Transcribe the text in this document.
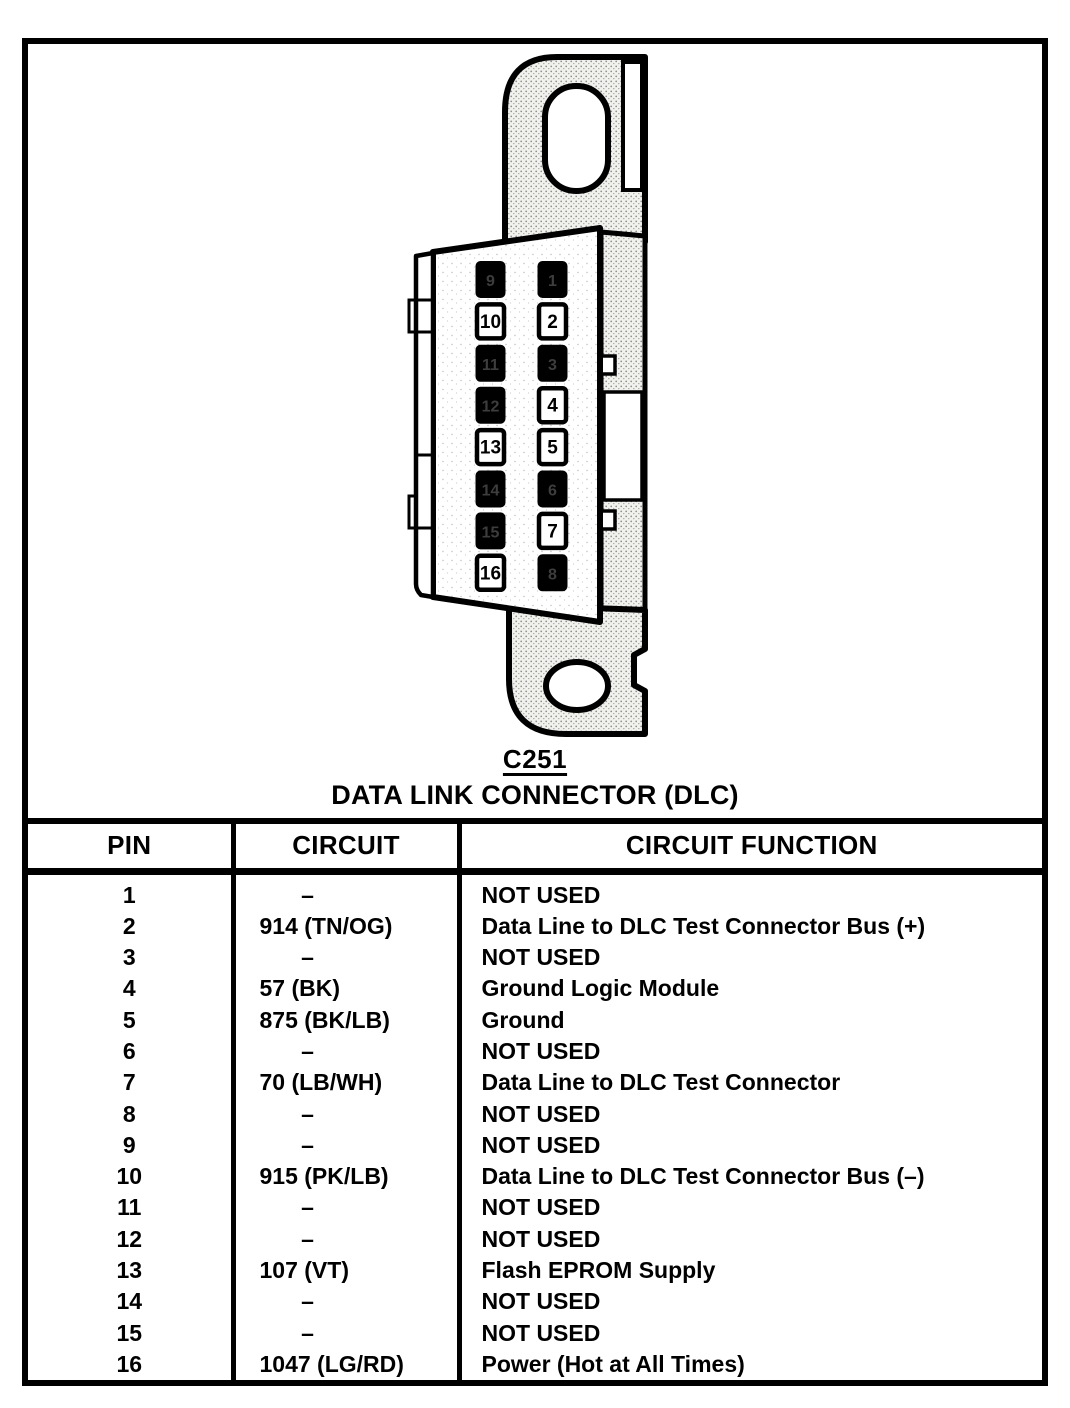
9
10
11
12
13
14
15
16
1
2
3
4
5
6
7
8
C251
DATA LINK CONNECTOR (DLC)
PIN	CIRCUIT	CIRCUIT FUNCTION
1	–	NOT USED
2	914 (TN/OG)	Data Line to DLC Test Connector Bus (+)
3	–	NOT USED
4	57 (BK)	Ground Logic Module
5	875 (BK/LB)	Ground
6	–	NOT USED
7	70 (LB/WH)	Data Line to DLC Test Connector
8	–	NOT USED
9	–	NOT USED
10	915 (PK/LB)	Data Line to DLC Test Connector Bus (–)
11	–	NOT USED
12	–	NOT USED
13	107 (VT)	Flash EPROM Supply
14	–	NOT USED
15	–	NOT USED
16	1047 (LG/RD)	Power (Hot at All Times)
